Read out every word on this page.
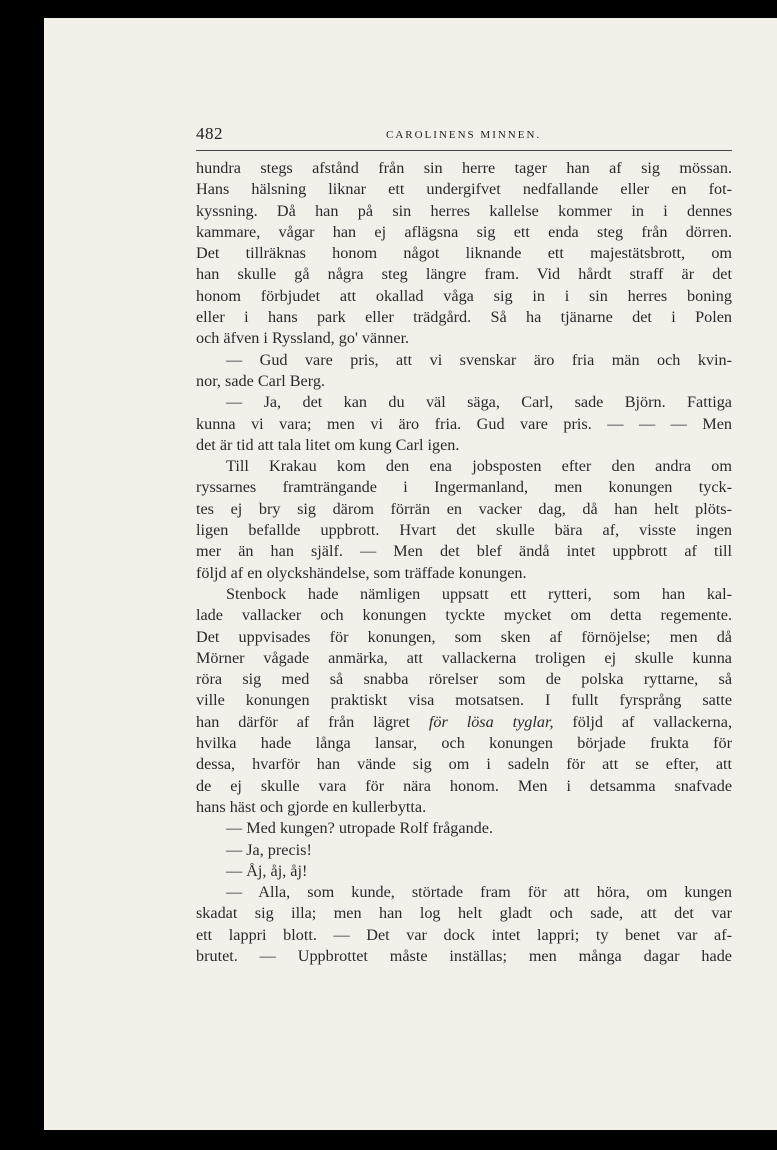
482	CAROLINENS MINNEN.
hundra stegs afstånd från sin herre tager han af sig mössan.
Hans hälsning liknar ett undergifvet nedfallande eller en fot-
kyssning. Då han på sin herres kallelse kommer in i dennes
kammare, vågar han ej aflägsna sig ett enda steg från dörren.
Det tillräknas honom något liknande ett majestätsbrott, om
han skulle gå några steg längre fram. Vid hårdt straff är det
honom förbjudet att okallad våga sig in i sin herres boning
eller i hans park eller trädgård. Så ha tjänarne det i Polen
och äfven i Ryssland, go' vänner.
— Gud vare pris, att vi svenskar äro fria män och kvin-
nor, sade Carl Berg.
— Ja, det kan du väl säga, Carl, sade Björn. Fattiga
kunna vi vara; men vi äro fria. Gud vare pris. — — — Men
det är tid att tala litet om kung Carl igen.
Till Krakau kom den ena jobsposten efter den andra om
ryssarnes framträngande i Ingermanland, men konungen tyck-
tes ej bry sig därom förrän en vacker dag, då han helt plöts-
ligen befallde uppbrott. Hvart det skulle bära af, visste ingen
mer än han själf. — Men det blef ändå intet uppbrott af till
följd af en olyckshändelse, som träffade konungen.
Stenbock hade nämligen uppsatt ett rytteri, som han kal-
lade vallacker och konungen tyckte mycket om detta regemente.
Det uppvisades för konungen, som sken af förnöjelse; men då
Mörner vågade anmärka, att vallackerna troligen ej skulle kunna
röra sig med så snabba rörelser som de polska ryttarne, så
ville konungen praktiskt visa motsatsen. I fullt fyrsprång satte
han därför af från lägret för lösa tyglar, följd af vallackerna,
hvilka hade långa lansar, och konungen började frukta för
dessa, hvarför han vände sig om i sadeln för att se efter, att
de ej skulle vara för nära honom. Men i detsamma snafvade
hans häst och gjorde en kullerbytta.
— Med kungen? utropade Rolf frågande.
— Ja, precis!
— Åj, åj, åj!
— Alla, som kunde, störtade fram för att höra, om kungen
skadat sig illa; men han log helt gladt och sade, att det var
ett lappri blott. — Det var dock intet lappri; ty benet var af-
brutet. — Uppbrottet måste inställas; men många dagar hade
